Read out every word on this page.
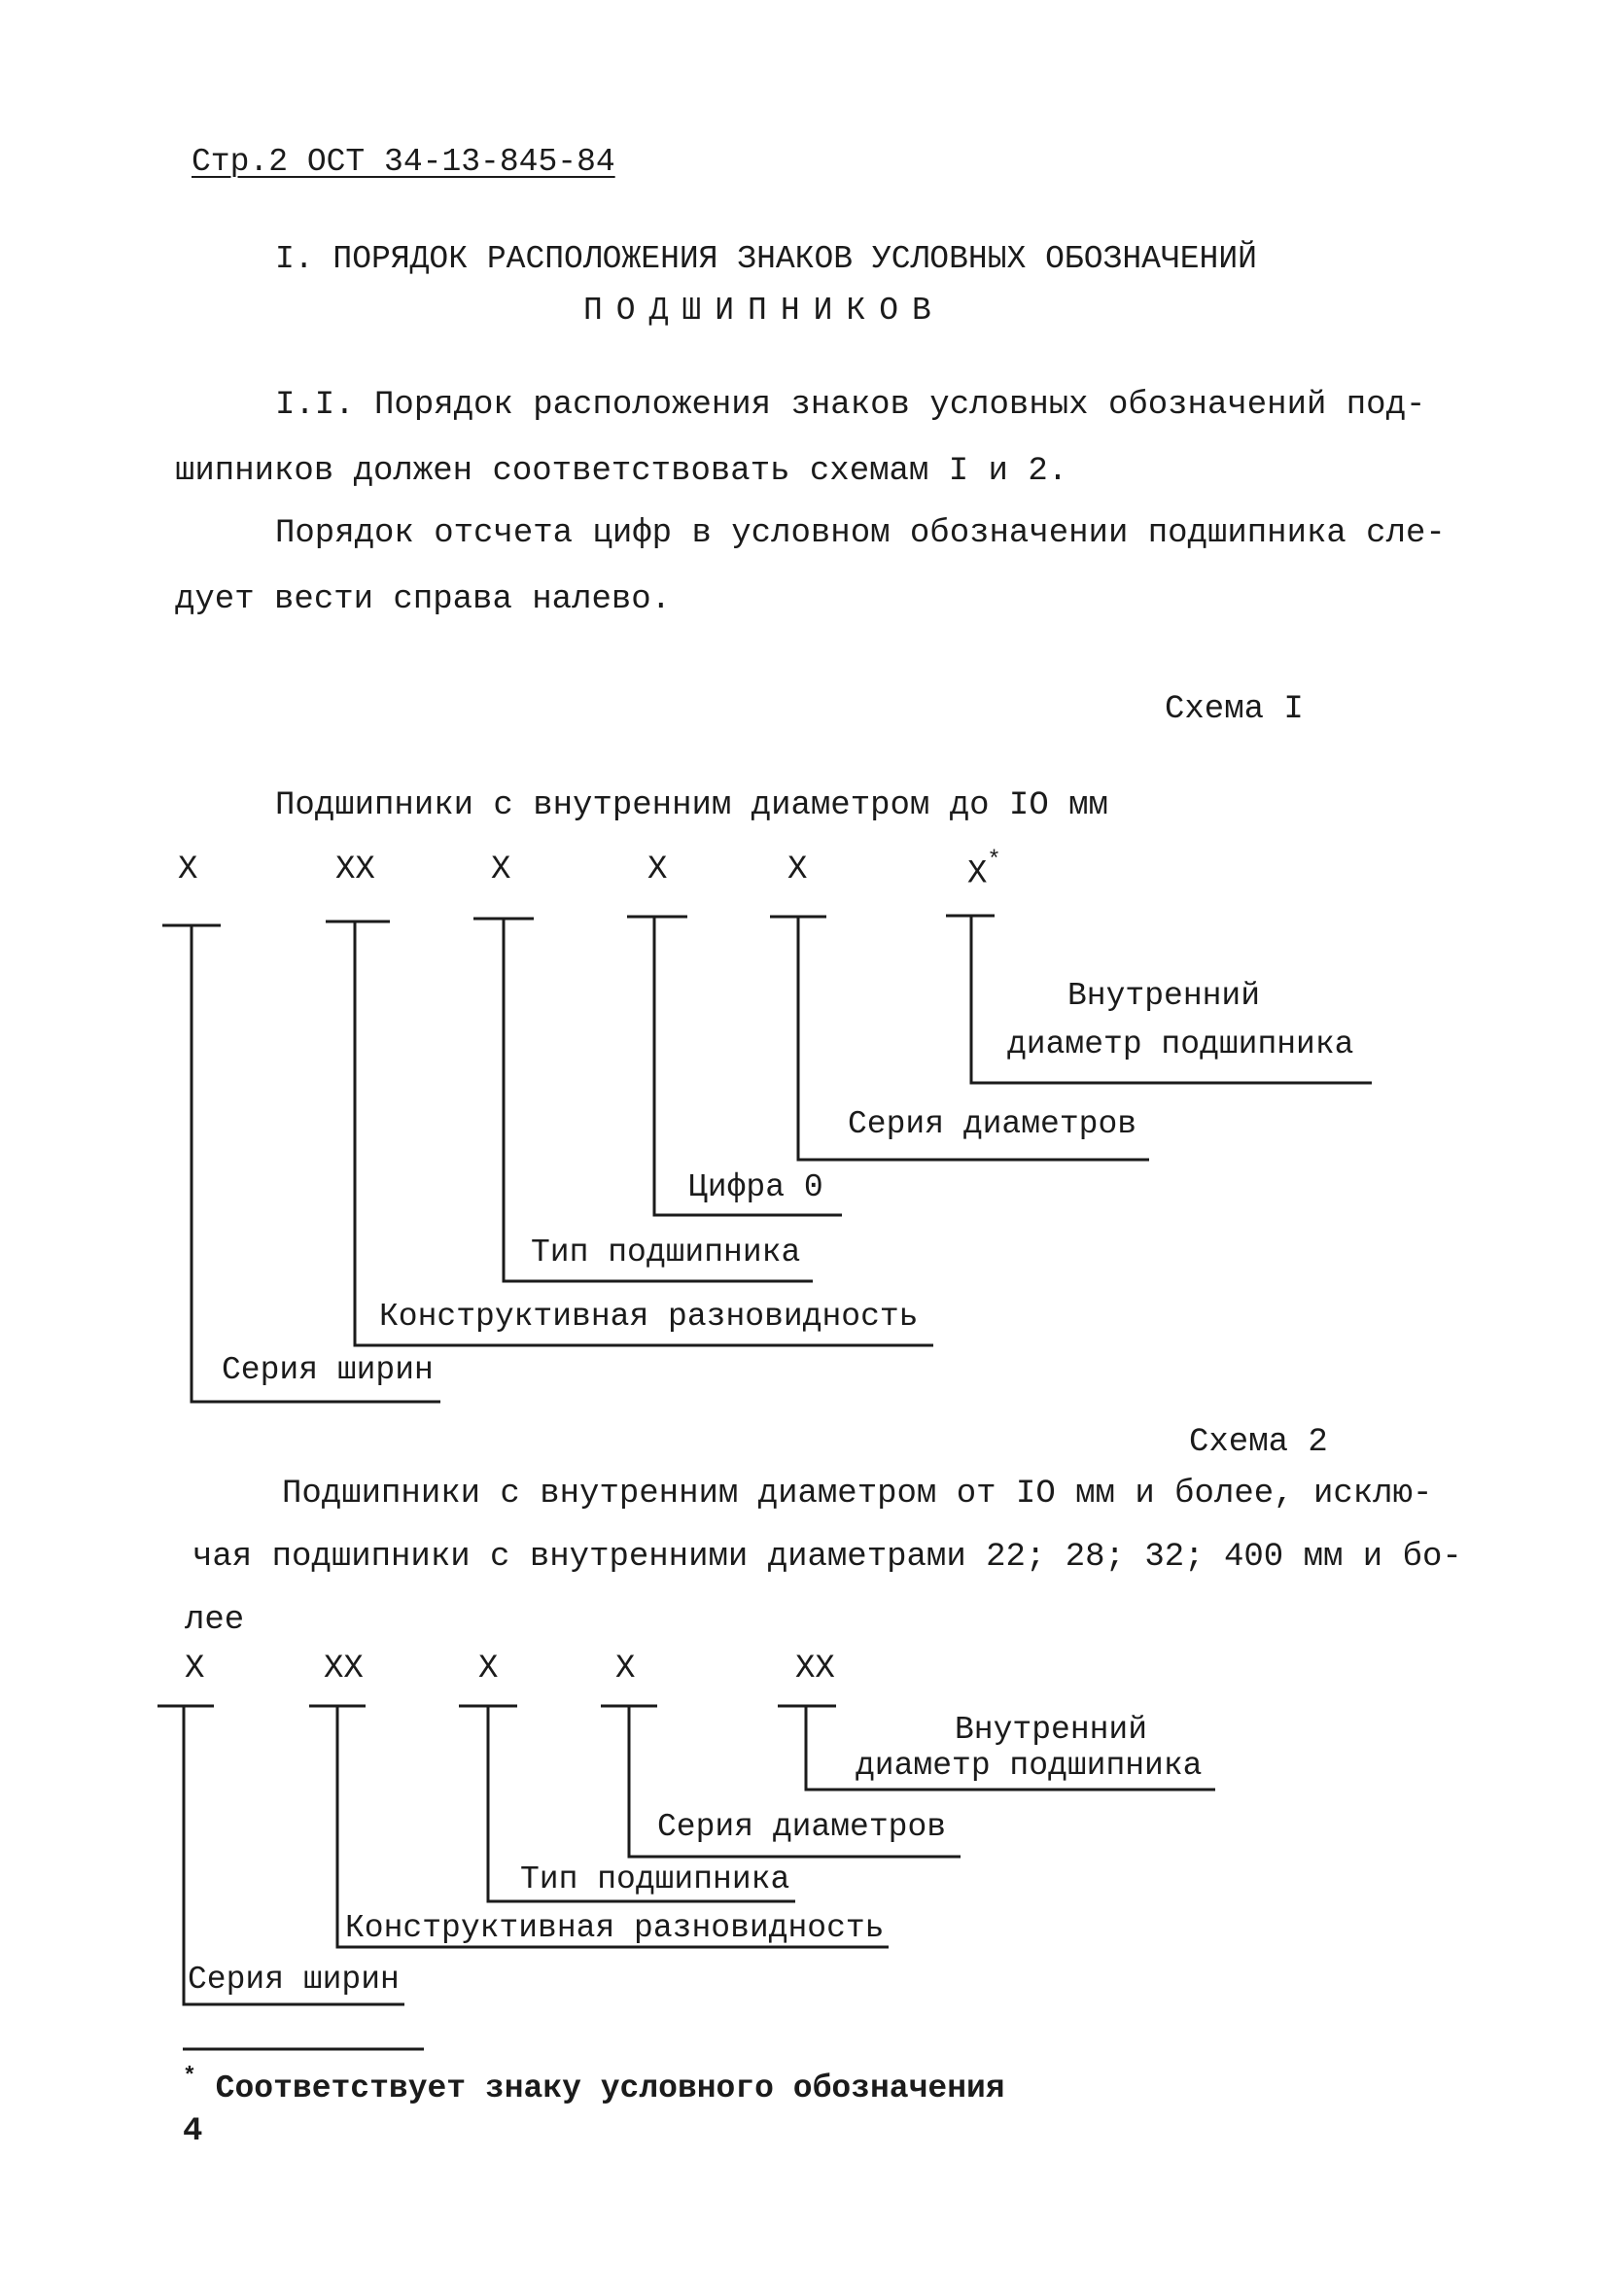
Стр.2 ОСТ 34-13-845-84
I. ПОРЯДОК РАСПОЛОЖЕНИЯ ЗНАКОВ УСЛОВНЫХ ОБОЗНАЧЕНИЙ
ПОДШИПНИКОВ
I.I. Порядок расположения знаков условных обозначений под-
шипников должен соответствовать схемам I и 2.
Порядок отсчета цифр в условном обозначении подшипника сле-
дует вести справа налево.
Схема I
Подшипники с внутренним диаметром до IO мм
X	XX	X	X	X	X*
Внутренний
диаметр подшипника
Серия диаметров
Цифра 0
Тип подшипника
Конструктивная разновидность
Серия ширин
Схема 2
Подшипники с внутренним диаметром от IO мм и более, исклю-
чая подшипники с внутренними диаметрами 22; 28; 32; 400 мм и бо-
лее
X	XX	X	X	XX
Внутренний
диаметр подшипника
Серия диаметров
Тип подшипника
Конструктивная разновидность
Серия ширин
* Соответствует знаку условного обозначения
4
